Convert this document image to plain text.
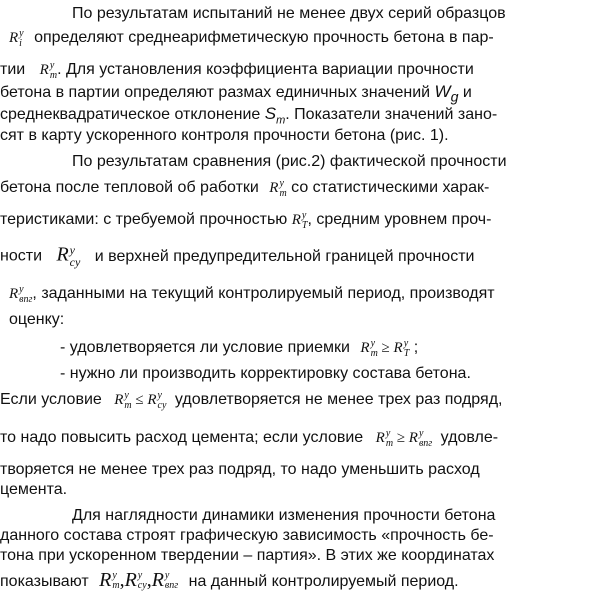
По результатам испытаний не менее двух серий образцов
R y
i определяют среднеарифметическую прочность бетона в пар-
тии R y
m . Для установления коэффициента вариации прочности
бетона в партии определяют размах единичных значений $W_g$ и
среднеквадратическое отклонение $S_m$. Показатели значений зано-
сят в карту ускоренного контроля прочности бетона (рис. 1).
По результатам сравнения (рис.2) фактической прочности
бетона после тепловой об работки R y
m со статистическими харак-
теристиками: с требуемой прочностью R y
T , средним уровнем проч-
ности R y
cy и верхней предупредительной границей прочности
R y
впг , заданными на текущий контролируемый период, производят
оценку:
- удовлетворяется ли условие приемки R y
m ≥ R y
T ;
- нужно ли производить корректировку состава бетона.
Если условие R y
m ≤ R y
cy удовлетворяется не менее трех раз подряд,
то надо повысить расход цемента; если условие R y
m ≥ R y
впг удовле-
творяется не менее трех раз подряд, то надо уменьшить расход
цемента.
Для наглядности динамики изменения прочности бетона
данного состава строят графическую зависимость «прочность бе-
тона при ускоренном твердении – партия». В этих же координатах
показывают R y
m ,R y
cy ,R y
впг на данный контролируемый период.
